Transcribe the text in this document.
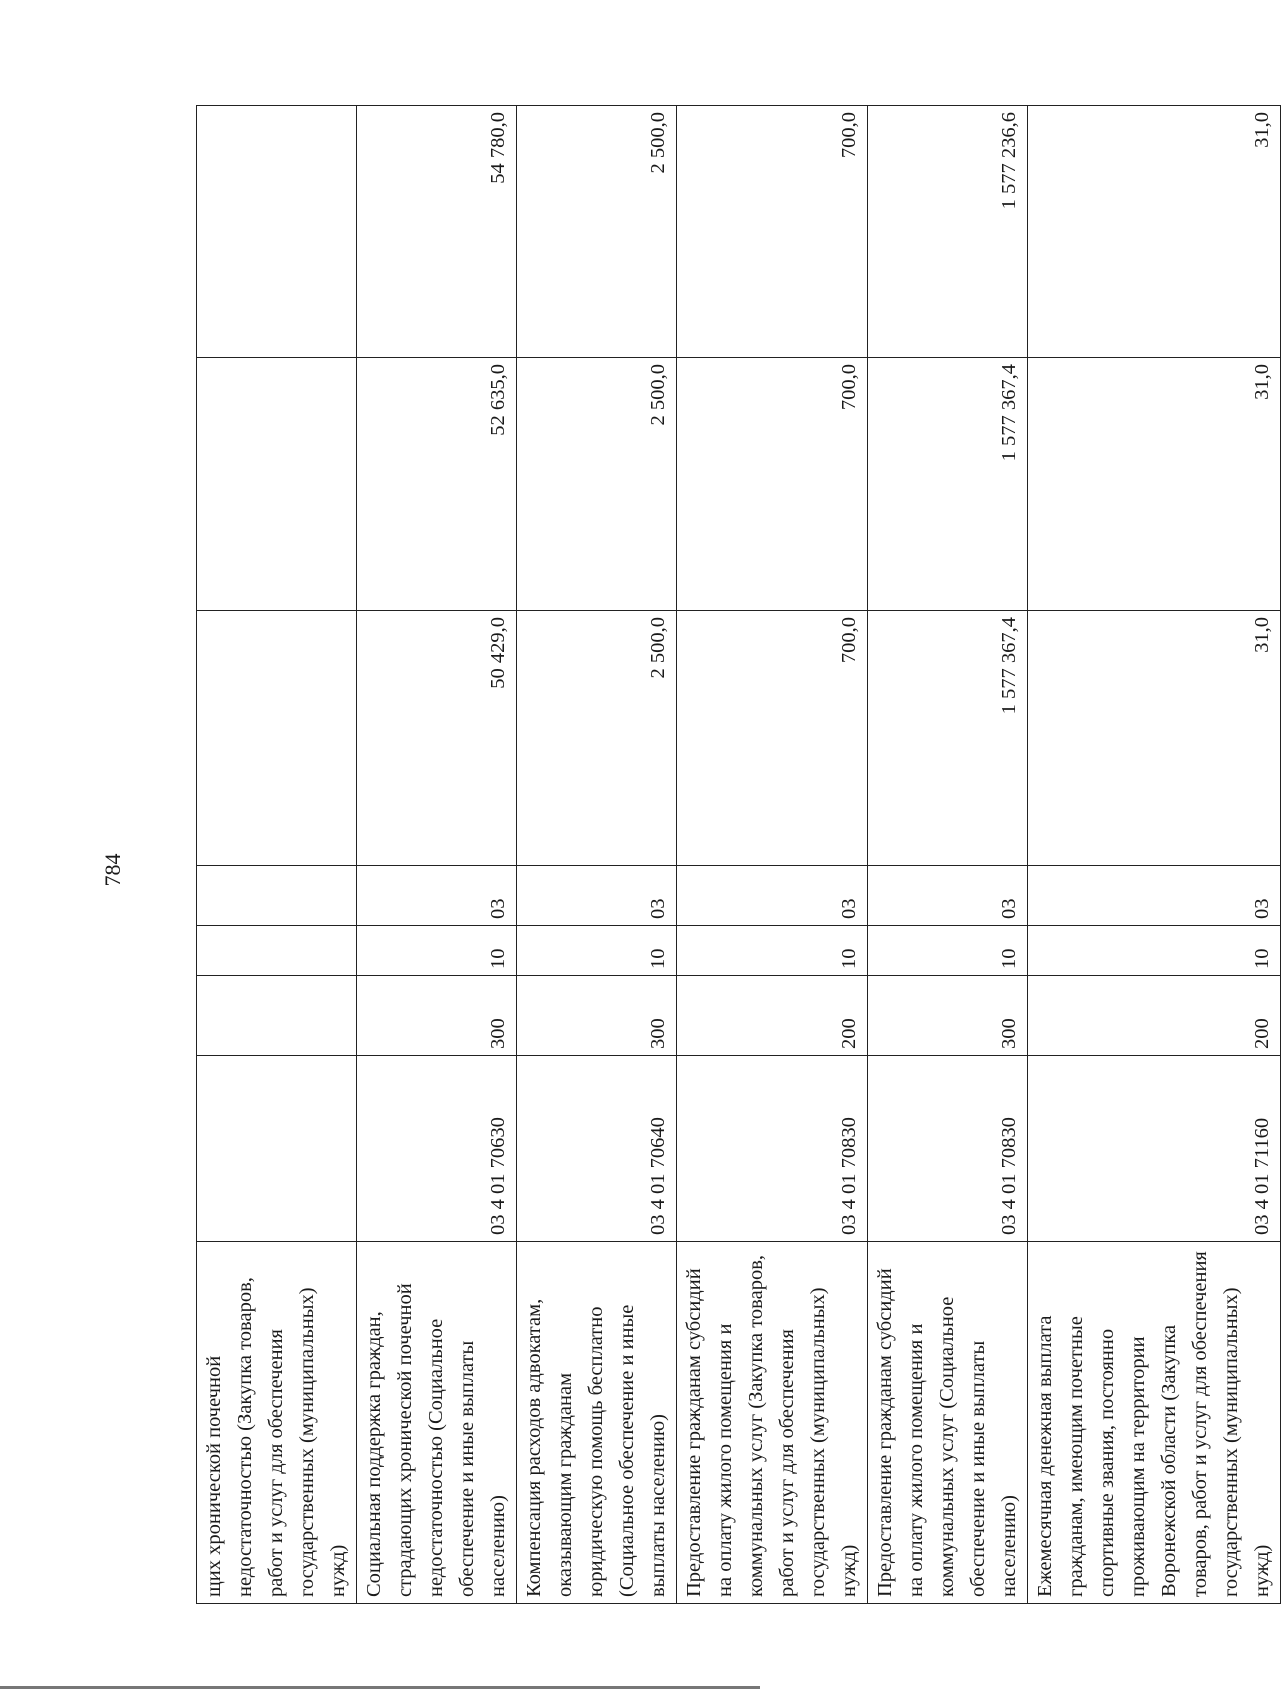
784
щих хронической почечной недостаточностью (Закупка товаров, работ и услуг для обеспечения государственных (муниципальных) нужд)							
Социальная поддержка граждан, страдающих хронической почечной недостаточностью (Социальное обеспечение и иные выплаты населению)	03 4 01 70630	300	10	03	50 429,0	52 635,0	54 780,0
Компенсация расходов адвокатам, оказывающим гражданам юридическую помощь бесплатно (Социальное обеспечение и иные выплаты населению)	03 4 01 70640	300	10	03	2 500,0	2 500,0	2 500,0
Предоставление гражданам субсидий на оплату жилого помещения и коммунальных услуг (Закупка товаров, работ и услуг для обеспечения государственных (муниципальных) нужд)	03 4 01 70830	200	10	03	700,0	700,0	700,0
Предоставление гражданам субсидий на оплату жилого помещения и коммунальных услуг (Социальное обеспечение и иные выплаты населению)	03 4 01 70830	300	10	03	1 577 367,4	1 577 367,4	1 577 236,6
Ежемесячная денежная выплата гражданам, имеющим почетные спортивные звания, постоянно проживающим на территории Воронежской области (Закупка товаров, работ и услуг для обеспечения государственных (муниципальных) нужд)	03 4 01 71160	200	10	03	31,0	31,0	31,0
